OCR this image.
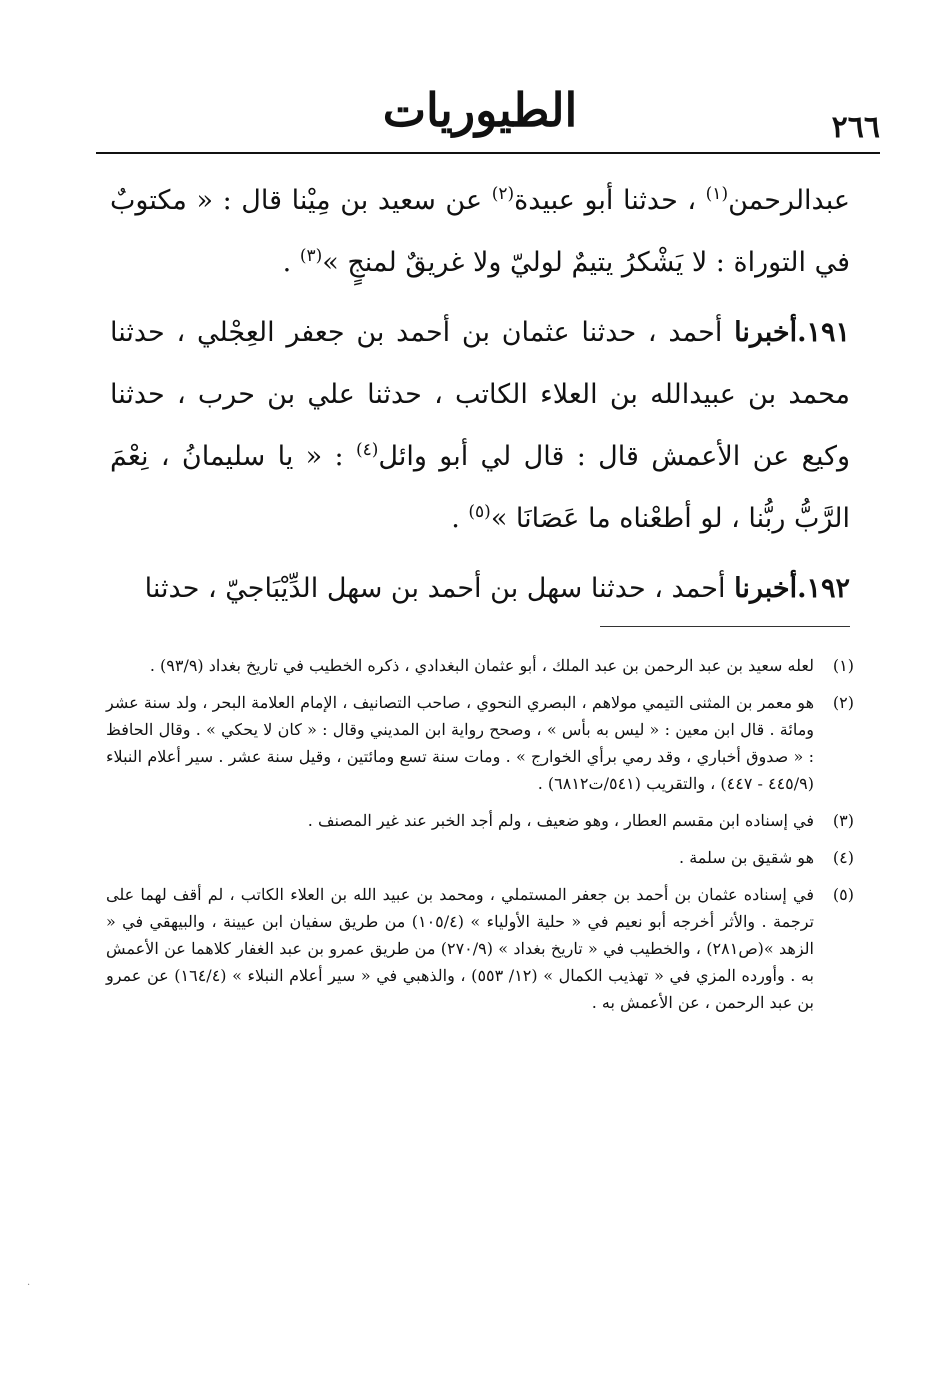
الطيوريات	٢٦٦

عبدالرحمن$^{(١)}$ ، حدثنا أبو عبيدة$^{(٢)}$ عن سعيد بن مِيْنا قال : « مكتوبٌ في التوراة : لا يَشْكرُ يتيمٌ لوليّ ولا غريقٌ لمنجٍ »$^{(٣)}$ .

١٩١.أخبرنا أحمد ، حدثنا عثمان بن أحمد بن جعفر العِجْلي ، حدثنا محمد بن عبيدالله بن العلاء الكاتب ، حدثنا علي بن حرب ، حدثنا وكيع عن الأعمش قال : قال لي أبو وائل$^{(٤)}$ : « يا سليمانُ ، نِعْمَ الرَّبُّ ربُّنا ، لو أطعْناه ما عَصَانَا »$^{(٥)}$ .

١٩٢.أخبرنا أحمد ، حدثنا سهل بن أحمد بن سهل الدِّيْبَاجيّ ، حدثنا

(١)
لعله سعيد بن عبد الرحمن بن عبد الملك ، أبو عثمان البغدادي ، ذكره الخطيب في تاريخ بغداد (٩٣/٩) .
(٢)
هو معمر بن المثنى التيمي مولاهم ، البصري النحوي ، صاحب التصانيف ، الإمام العلامة البحر ، ولد سنة عشر ومائة . قال ابن معين : « ليس به بأس » ، وصحح رواية ابن المديني وقال : « كان لا يحكي » . وقال الحافظ : « صدوق أخباري ، وقد رمي برأي الخوارج » . ومات سنة تسع ومائتين ، وقيل سنة عشر . سير أعلام النبلاء (٤٤٥/٩ - ٤٤٧) ، والتقريب (٥٤١/ت٦٨١٢) .
(٣)
في إسناده ابن مقسم العطار ، وهو ضعيف ، ولم أجد الخبر عند غير المصنف .
(٤)
هو شقيق بن سلمة .
(٥)
في إسناده عثمان بن أحمد بن جعفر المستملي ، ومحمد بن عبيد الله بن العلاء الكاتب ، لم أقف لهما على ترجمة . والأثر أخرجه أبو نعيم في « حلية الأولياء » (١٠٥/٤) من طريق سفيان ابن عيينة ، والبيهقي في « الزهد »(ص٢٨١) ، والخطيب في « تاريخ بغداد » (٢٧٠/٩) من طريق عمرو بن عبد الغفار كلاهما عن الأعمش به . وأورده المزي في « تهذيب الكمال » (١٢/ ٥٥٣) ، والذهبي في « سير أعلام النبلاء » (١٦٤/٤) عن عمرو بن عبد الرحمن ، عن الأعمش به .
·
